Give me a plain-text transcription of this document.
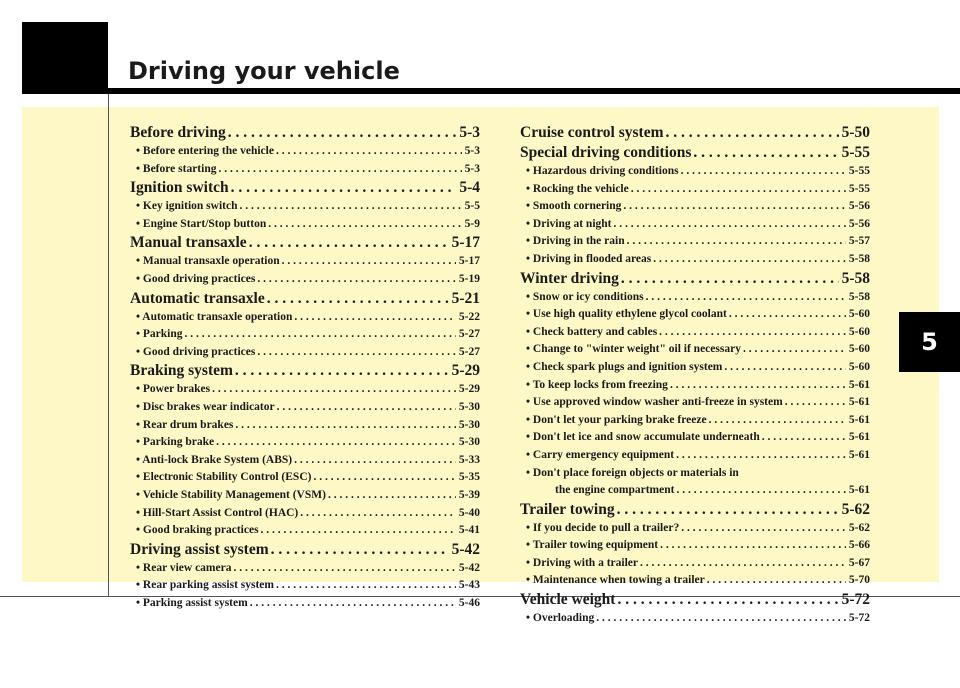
Driving your vehicle
5
Before driving . . .	5-3
• Before entering the vehicle . . .	5-3
• Before starting . . .	5-3
Ignition switch . . .	5-4
• Key ignition switch . . .	5-5
• Engine Start/Stop button . . .	5-9
Manual transaxle . . .	5-17
• Manual transaxle operation . . .	5-17
• Good driving practices . . .	5-19
Automatic transaxle . . .	5-21
• Automatic transaxle operation . . .	5-22
• Parking . . .	5-27
• Good driving practices . . .	5-27
Braking system . . .	5-29
• Power brakes . . .	5-29
• Disc brakes wear indicator . . .	5-30
• Rear drum brakes . . .	5-30
• Parking brake . . .	5-30
• Anti-lock Brake System (ABS) . . .	5-33
• Electronic Stability Control (ESC) . . .	5-35
• Vehicle Stability Management (VSM) . . .	5-39
• Hill-Start Assist Control (HAC) . . .	5-40
• Good braking practices . . .	5-41
Driving assist system . . .	5-42
• Rear view camera . . .	5-42
• Rear parking assist system . . .	5-43
• Parking assist system . . .	5-46
Cruise control system . . .	5-50
Special driving conditions . . .	5-55
• Hazardous driving conditions . . .	5-55
• Rocking the vehicle . . .	5-55
• Smooth cornering . . .	5-56
• Driving at night . . .	5-56
• Driving in the rain . . .	5-57
• Driving in flooded areas . . .	5-58
Winter driving . . .	5-58
• Snow or icy conditions . . .	5-58
• Use high quality ethylene glycol coolant . . .	5-60
• Check battery and cables . . .	5-60
• Change to "winter weight" oil if necessary . . .	5-60
• Check spark plugs and ignition system . . .	5-60
• To keep locks from freezing . . .	5-61
• Use approved window washer anti-freeze in system . . .	5-61
• Don't let your parking brake freeze . . .	5-61
• Don't let ice and snow accumulate underneath . . .	5-61
• Carry emergency equipment . . .	5-61
• Don't place foreign objects or materials in
the engine compartment . . .	5-61
Trailer towing . . .	5-62
• If you decide to pull a trailer? . . .	5-62
• Trailer towing equipment . . .	5-66
• Driving with a trailer . . .	5-67
• Maintenance when towing a trailer . . .	5-70
Vehicle weight . . .	5-72
• Overloading . . .	5-72
